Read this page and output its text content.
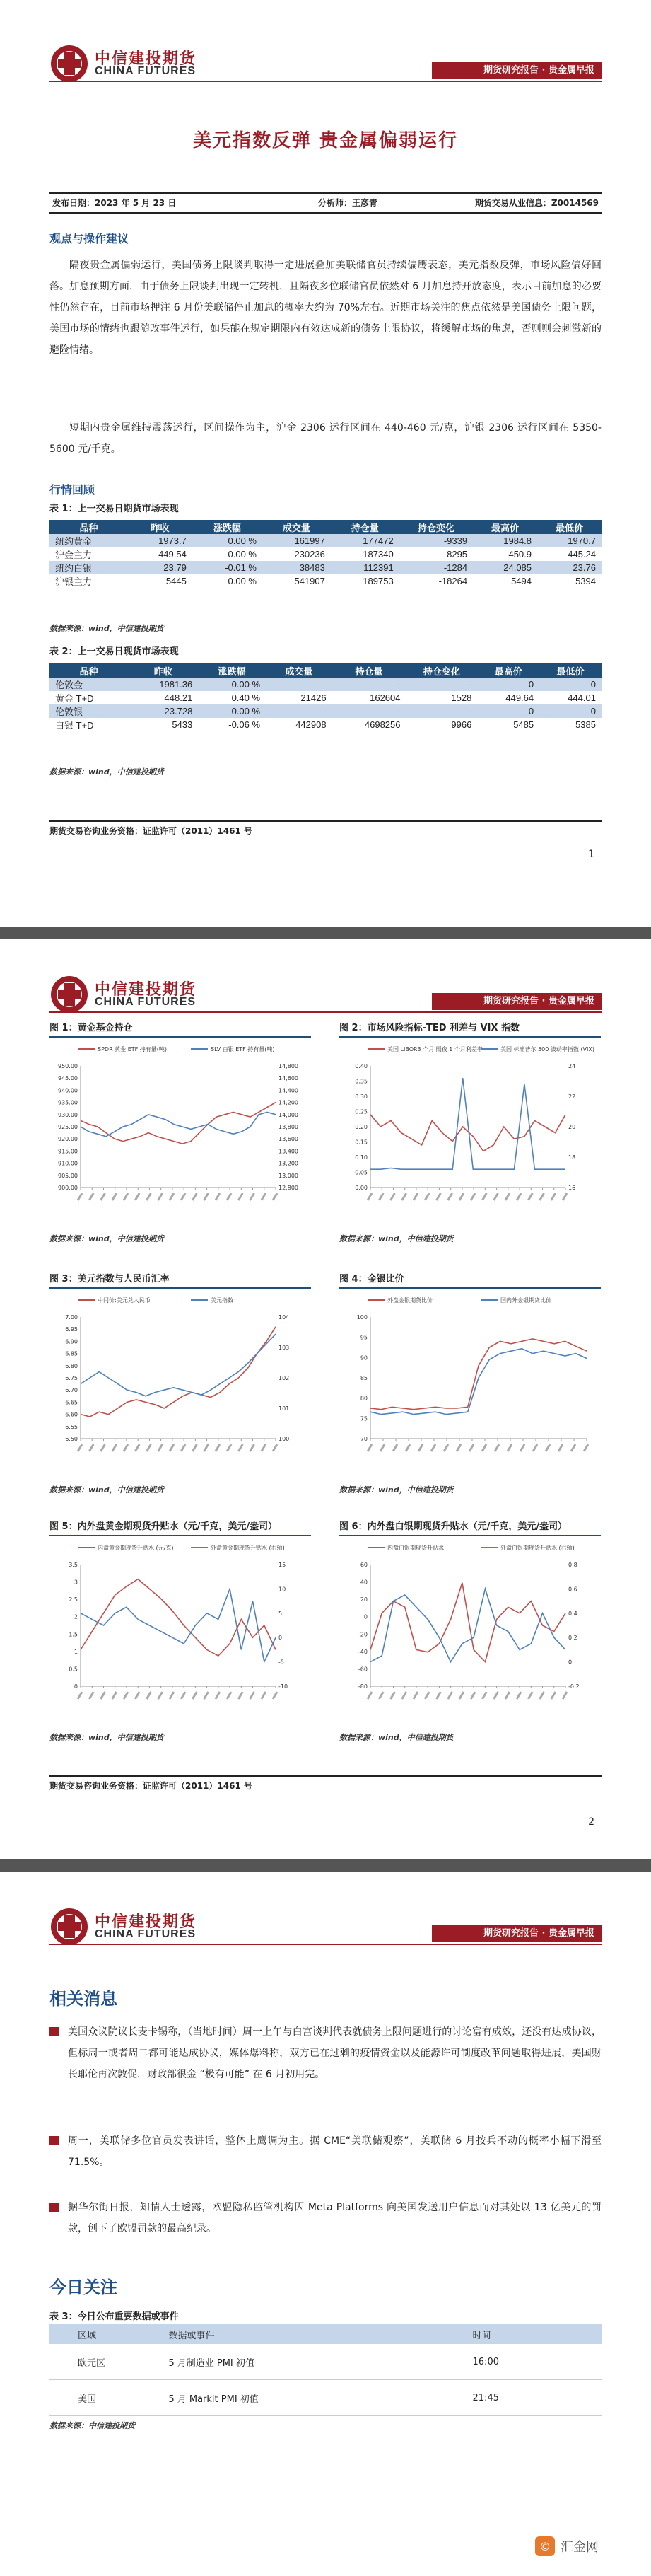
中信建投期货
CHINA FUTURES	期货研究报告 · 贵金属早报
美元指数反弹 贵金属偏弱运行
发布日期：2023 年 5 月 23 日	分析师：王彦青	期货交易从业信息：Z0014569
观点与操作建议
隔夜贵金属偏弱运行，美国债务上限谈判取得一定进展叠加美联储官员持续偏鹰表态，美元指数反弹，市场风险偏好回落。加息预期方面，由于债务上限谈判出现一定转机，且隔夜多位联储官员依然对 6 月加息持开放态度，表示目前加息的必要性仍然存在，目前市场押注 6 月份美联储停止加息的概率大约为 70%左右。近期市场关注的焦点依然是美国债务上限问题，美国市场的情绪也跟随改事件运行，如果能在规定期限内有效达成新的债务上限协议，将缓解市场的焦虑，否则则会刺激新的避险情绪。
短期内贵金属维持震荡运行，区间操作为主，沪金 2306 运行区间在 440-460 元/克，沪银 2306 运行区间在 5350-5600 元/千克。
行情回顾
表 1：上一交易日期货市场表现
品种	昨收	涨跌幅	成交量	持仓量	持仓变化	最高价	最低价
纽约黄金	1973.7	0.00 %	161997	177472	-9339	1984.8	1970.7
沪金主力	449.54	0.00 %	230236	187340	8295	450.9	445.24
纽约白银	23.79	-0.01 %	38483	112391	-1284	24.085	23.76
沪银主力	5445	0.00 %	541907	189753	-18264	5494	5394
数据来源：wind，中信建投期货
表 2：上一交易日现货市场表现
品种	昨收	涨跌幅	成交量	持仓量	持仓变化	最高价	最低价
伦敦金	1981.36	0.00 %	-	-	-	0	0
黄金 T+D	448.21	0.40 %	21426	162604	1528	449.64	444.01
伦敦银	23.728	0.00 %	-	-	-	0	0
白银 T+D	5433	-0.06 %	442908	4698256	9966	5485	5385
数据来源：wind，中信建投期货
期货交易咨询业务资格：证监许可（2011）1461 号
1
中信建投期货
CHINA FUTURES	期货研究报告 · 贵金属早报
图 1：黄金基金持仓
SPDR 黄金 ETF 持有量(吨)	SLV 白银 ETF 持有量(吨)
950.00
945.00
940.00
935.00
930.00
925.00
920.00
915.00
910.00
905.00
900.00
14,800
14,600
14,400
14,200
14,000
13,800
13,600
13,400
13,200
13,000
12,800
数据来源：wind，中信建投期货
图 2：市场风险指标-TED 利差与 VIX 指数
美国 LIBOR3 个月 隔夜 1 个月利差率	美国 标准普尔 500 波动率指数 (VIX)
0.40
0.35
0.30
0.25
0.20
0.15
0.10
0.05
0.00
24
22
20
18
16
数据来源：wind，中信建投期货
图 3：美元指数与人民币汇率
中间价:美元兑人民币	美元指数
7.00
6.95
6.90
6.85
6.80
6.75
6.70
6.65
6.60
6.55
6.50
104
103
102
101
100
数据来源：wind，中信建投期货
图 4：金银比价
外盘金银期货比价	国内外金银期货比价
100
95
90
85
80
75
70
数据来源：wind，中信建投期货
图 5：内外盘黄金期现货升贴水（元/千克，美元/盎司）
内盘黄金期现货升贴水 (元/克)	外盘黄金期现货升贴水 (右轴)
3.5
3
2.5
2
1.5
1
0.5
0
15
10
5
0
-5
-10
数据来源：wind，中信建投期货
图 6：内外盘白银期现货升贴水（元/千克，美元/盎司）
内盘白银期现货升贴水	外盘白银期现货升贴水 (右轴)
60
40
20
0
-20
-40
-60
-80
0.8
0.6
0.4
0.2
0
-0.2
数据来源：wind，中信建投期货
期货交易咨询业务资格：证监许可（2011）1461 号
2
中信建投期货
CHINA FUTURES	期货研究报告 · 贵金属早报
相关消息
美国众议院议长麦卡锡称，（当地时间）周一上午与白宫谈判代表就债务上限问题进行的讨论富有成效，还没有达成协议，但标周一或者周二都可能达成协议，媒体爆料称，双方已在过剩的疫情资金以及能源许可制度改革问题取得进展，美国财长耶伦再次敦促，财政部很金 “极有可能” 在 6 月初用完。
周一，美联储多位官员发表讲话，整体上鹰调为主。据 CME“美联储观察”，美联储 6 月按兵不动的概率小幅下滑至 71.5%。
据华尔街日报，知情人士透露，欧盟隐私监管机构因 Meta Platforms 向美国发送用户信息而对其处以 13 亿美元的罚款，创下了欧盟罚款的最高纪录。
今日关注
表 3：今日公布重要数据或事件
区域	数据或事件	时间
欧元区	5 月制造业 PMI 初值	16:00
美国	5 月 Markit PMI 初值	21:45
数据来源：中信建投期货
© 汇金网
